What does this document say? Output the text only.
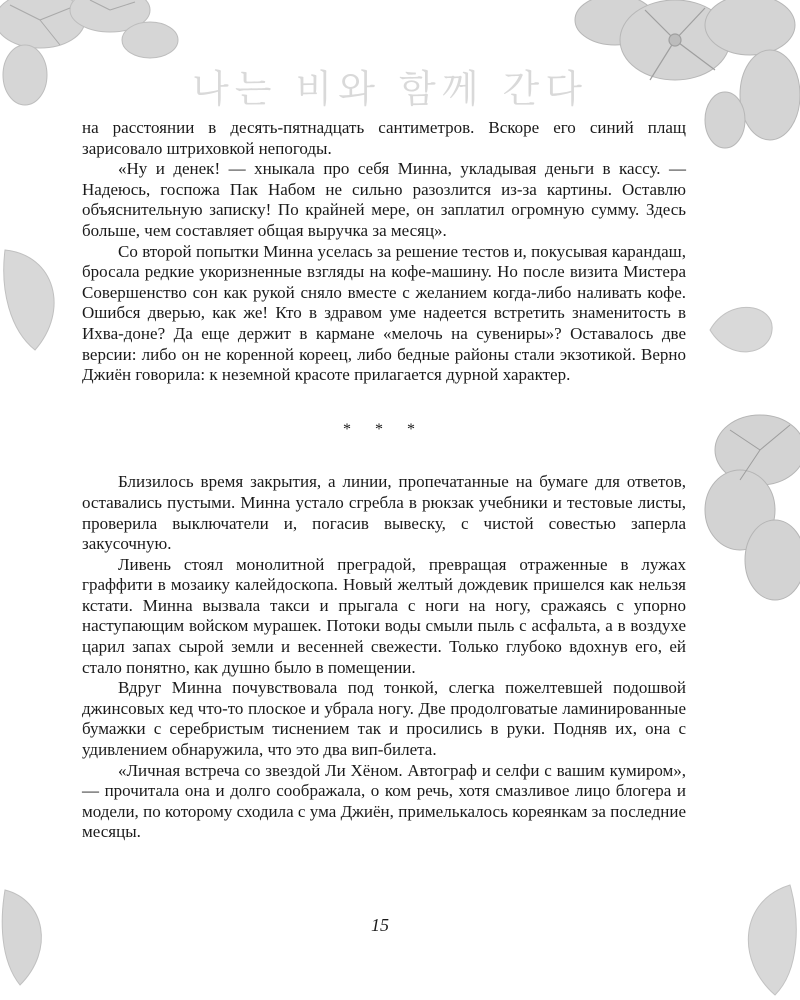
나는 비와 함께 간다

на расстоянии в десять-пятнадцать сантиметров. Вскоре его синий плащ зарисовало штриховкой непогоды.

«Ну и денек! — хныкала про себя Минна, укладывая деньги в кассу. — Надеюсь, госпожа Пак Набом не сильно разозлится из-за картины. Оставлю объяснительную записку! По крайней мере, он заплатил огромную сумму. Здесь больше, чем составляет общая выручка за месяц».

Со второй попытки Минна уселась за решение тестов и, покусывая карандаш, бросала редкие укоризненные взгляды на кофе-машину. Но после визита Мистера Совершенство сон как рукой сняло вместе с желанием когда-либо наливать кофе. Ошибся дверью, как же! Кто в здравом уме надеется встретить знаменитость в Ихва-доне? Да еще держит в кармане «мелочь на сувениры»? Оставалось две версии: либо он не коренной кореец, либо бедные районы стали экзотикой. Верно Джиён говорила: к неземной красоте прилагается дурной характер.

* * *

Близилось время закрытия, а линии, пропечатанные на бумаге для ответов, оставались пустыми. Минна устало сгребла в рюкзак учебники и тестовые листы, проверила выключатели и, погасив вывеску, с чистой совестью заперла закусочную.

Ливень стоял монолитной преградой, превращая отраженные в лужах граффити в мозаику калейдоскопа. Новый желтый дождевик пришелся как нельзя кстати. Минна вызвала такси и прыгала с ноги на ногу, сражаясь с упорно наступающим войском мурашек. Потоки воды смыли пыль с асфальта, а в воздухе царил запах сырой земли и весенней свежести. Только глубоко вдохнув его, ей стало понятно, как душно было в помещении.

Вдруг Минна почувствовала под тонкой, слегка пожелтевшей подошвой джинсовых кед что-то плоское и убрала ногу. Две продолговатые ламинированные бумажки с серебристым тиснением так и просились в руки. Подняв их, она с удивлением обнаружила, что это два вип-билета.

«Личная встреча со звездой Ли Хёном. Автограф и селфи с вашим кумиром», — прочитала она и долго соображала, о ком речь, хотя смазливое лицо блогера и модели, по которому сходила с ума Джиён, примелькалось кореянкам за последние месяцы.

15
